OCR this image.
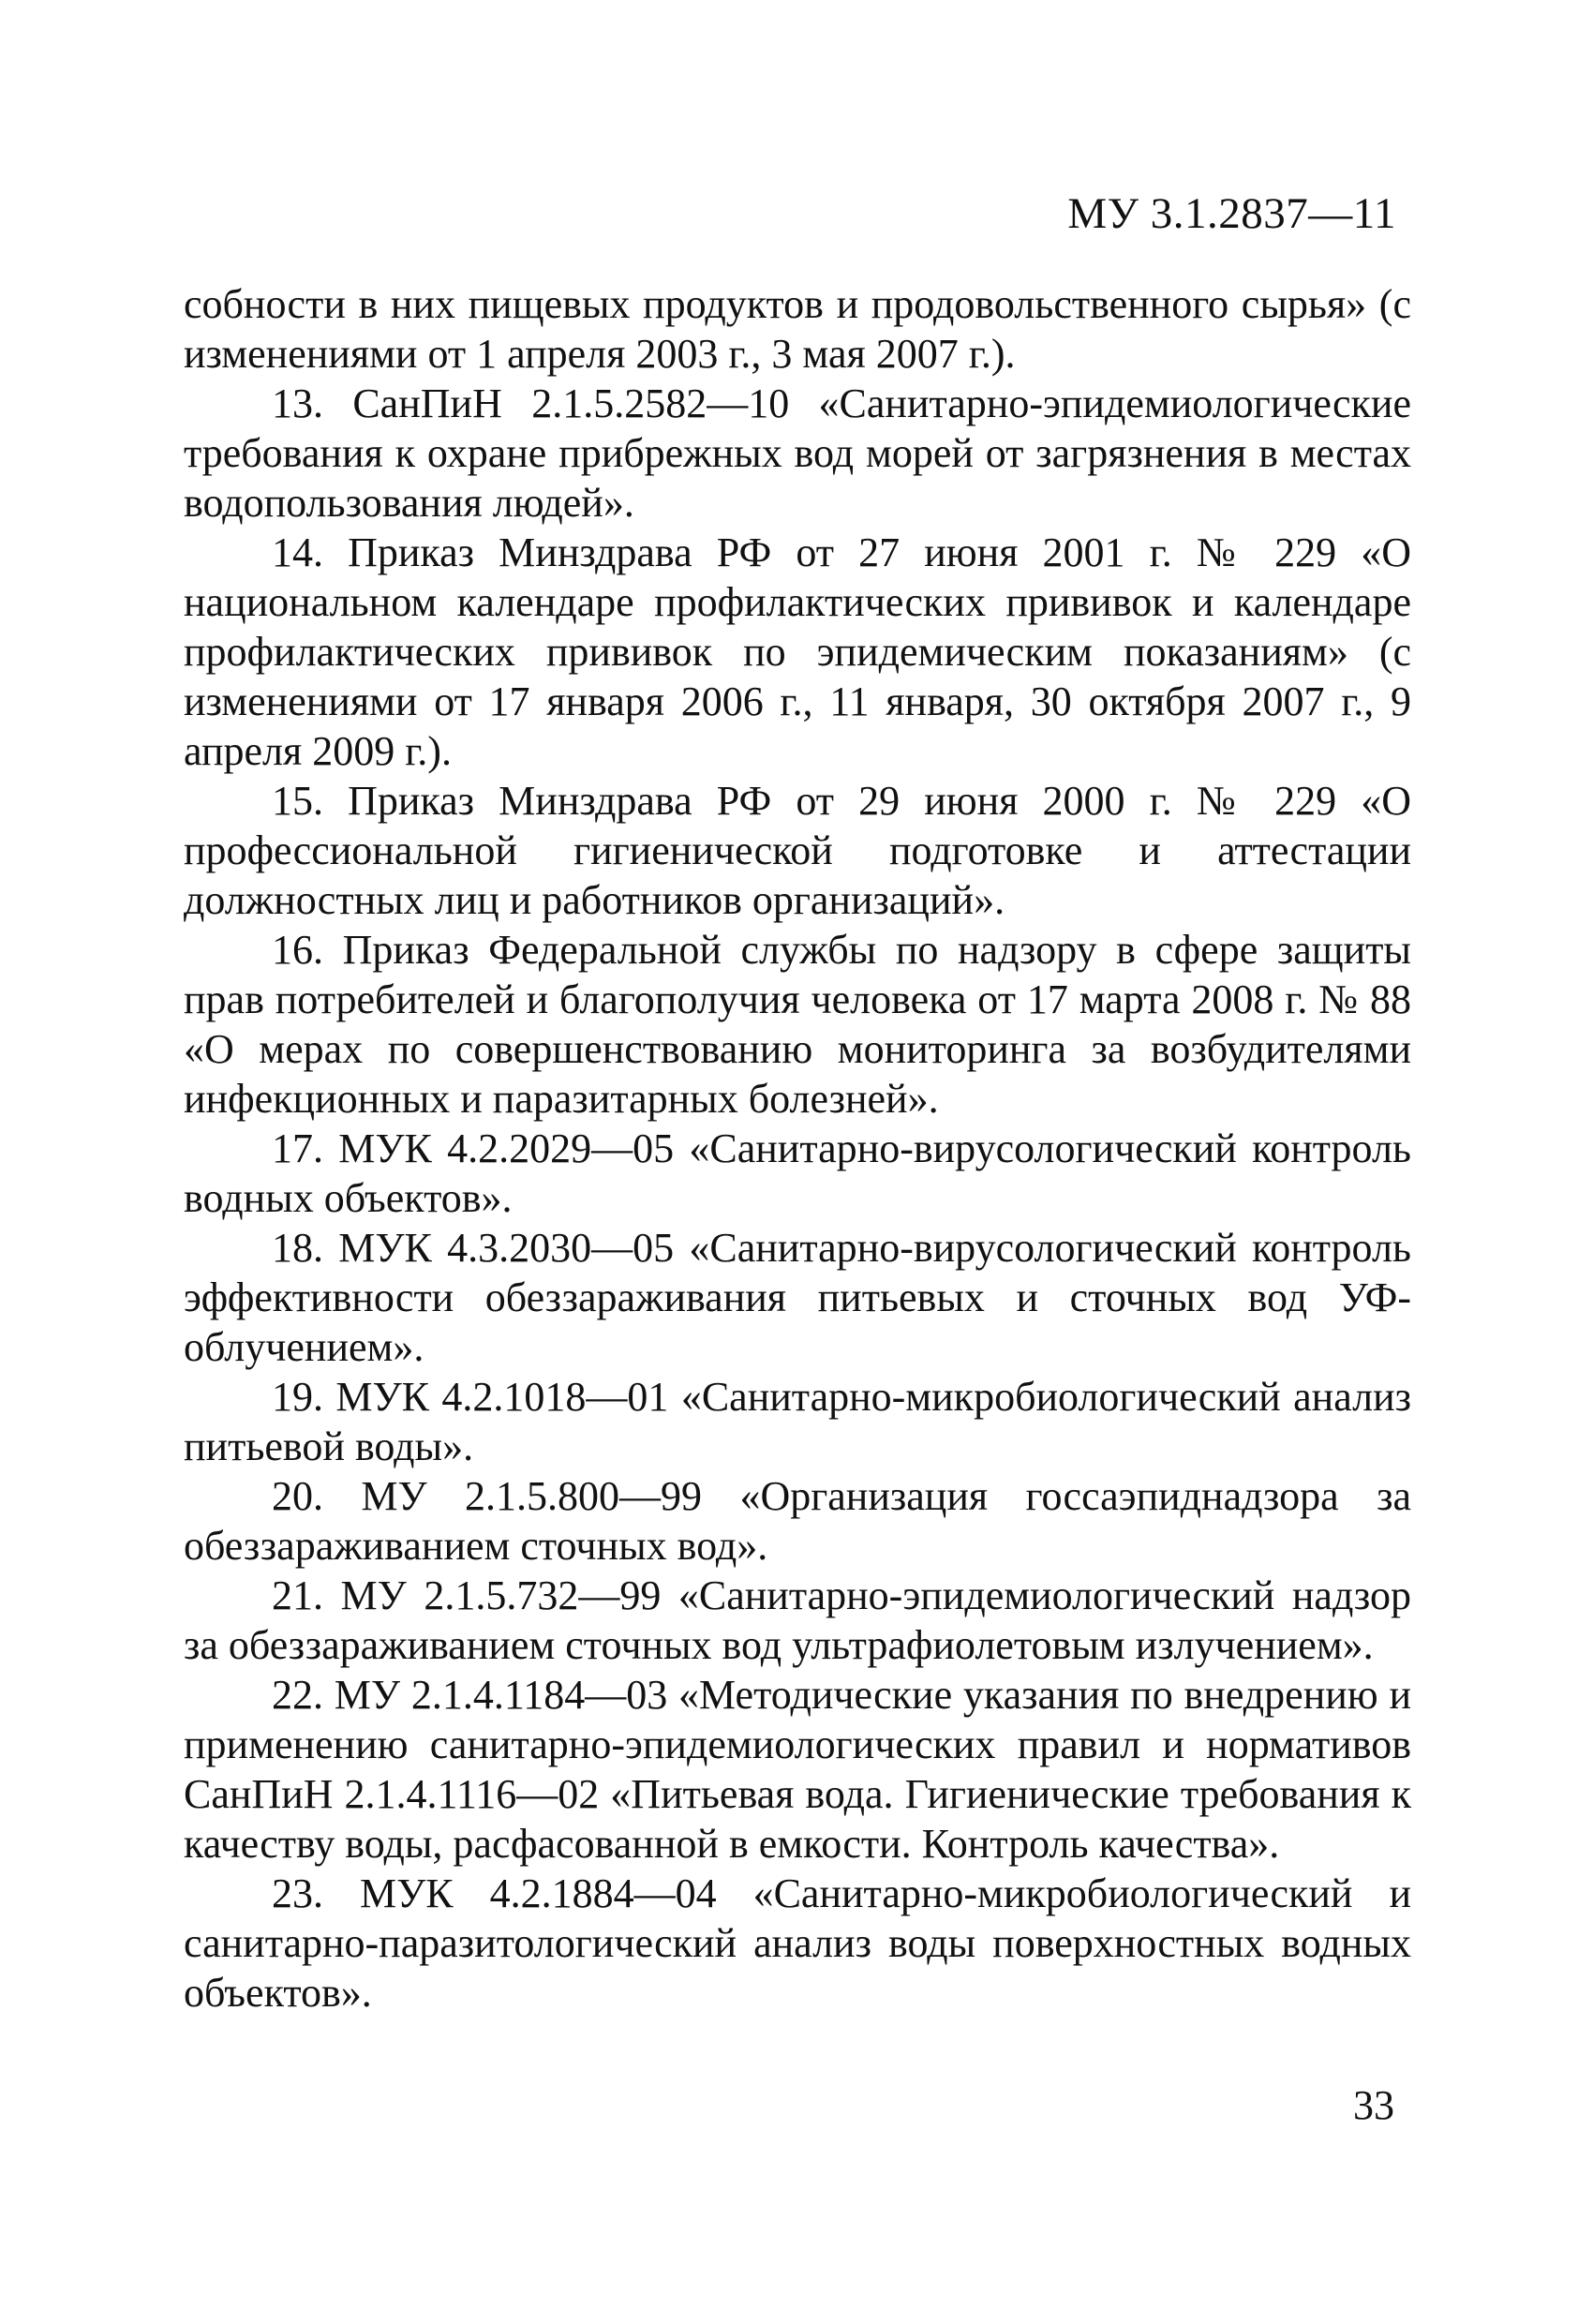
МУ 3.1.2837—11

собности в них пищевых продуктов и продовольственного сырья» (с изменениями от 1 апреля 2003 г., 3 мая 2007 г.).

13. СанПиН 2.1.5.2582—10 «Санитарно-эпидемиологические требования к охране прибрежных вод морей от загрязнения в местах водопользования людей».

14. Приказ Минздрава РФ от 27 июня 2001 г. № 229 «О национальном календаре профилактических прививок и календаре профилактических прививок по эпидемическим показаниям» (с изменениями от 17 января 2006 г., 11 января, 30 октября 2007 г., 9 апреля 2009 г.).

15. Приказ Минздрава РФ от 29 июня 2000 г. № 229 «О профессиональной гигиенической подготовке и аттестации должностных лиц и работников организаций».

16. Приказ Федеральной службы по надзору в сфере защиты прав потребителей и благополучия человека от 17 марта 2008 г. № 88 «О мерах по совершенствованию мониторинга за возбудителями инфекционных и паразитарных болезней».

17. МУК 4.2.2029—05 «Санитарно-вирусологический контроль водных объектов».

18. МУК 4.3.2030—05 «Санитарно-вирусологический контроль эффективности обеззараживания питьевых и сточных вод УФ-облучением».

19. МУК 4.2.1018—01 «Санитарно-микробиологический анализ питьевой воды».

20. МУ 2.1.5.800—99 «Организация госсаэпиднадзора за обеззараживанием сточных вод».

21. МУ 2.1.5.732—99 «Санитарно-эпидемиологический надзор за обеззараживанием сточных вод ультрафиолетовым излучением».

22. МУ 2.1.4.1184—03 «Методические указания по внедрению и применению санитарно-эпидемиологических правил и нормативов СанПиН 2.1.4.1116—02 «Питьевая вода. Гигиенические требования к качеству воды, расфасованной в емкости. Контроль качества».

23. МУК 4.2.1884—04 «Санитарно-микробиологический и санитарно-паразитологический анализ воды поверхностных водных объектов».

33
